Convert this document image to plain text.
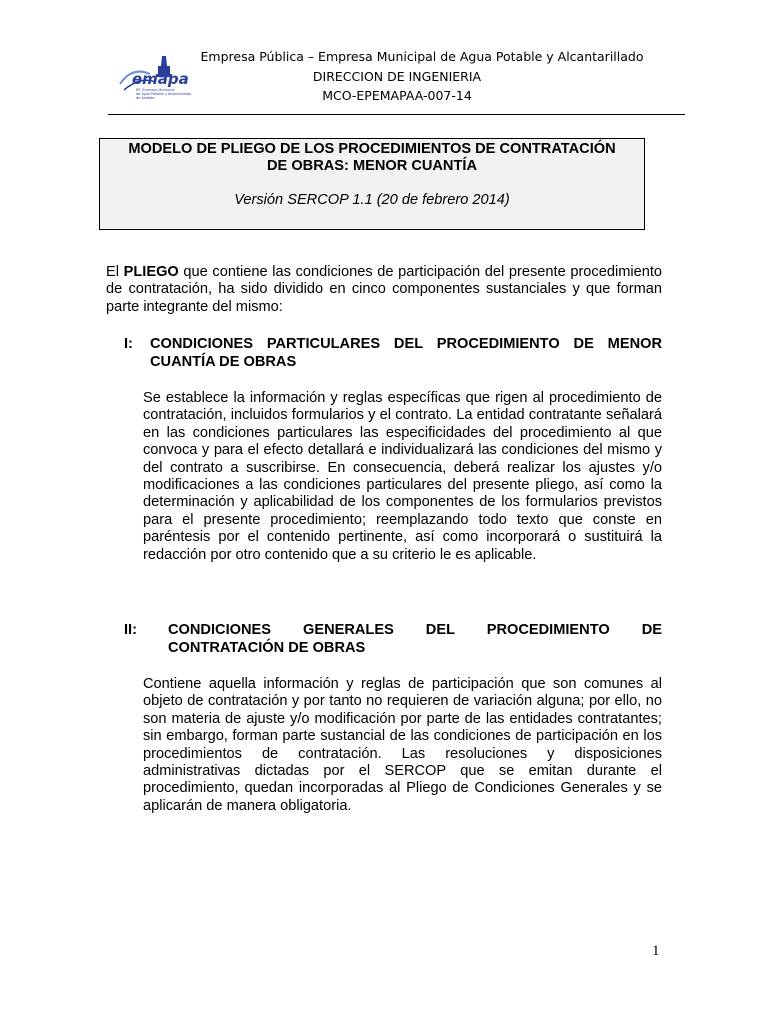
emapa
EP- Empresa Municipal
de Agua Potable y Alcantarillado
de Ambato
Empresa Pública – Empresa Municipal de Agua Potable y Alcantarillado
DIRECCION DE INGENIERIA
MCO-EPEMAPAA-007-14
MODELO DE PLIEGO DE LOS PROCEDIMIENTOS DE CONTRATACIÓN DE OBRAS: MENOR CUANTÍA
Versión SERCOP 1.1 (20 de febrero 2014)
El PLIEGO que contiene las condiciones de participación del presente procedimiento de contratación, ha sido dividido en cinco componentes sustanciales y que forman parte integrante del mismo:
I: CONDICIONES PARTICULARES DEL PROCEDIMIENTO DE MENOR CUANTÍA DE OBRAS
Se establece la información y reglas específicas que rigen al procedimiento de contratación, incluidos formularios y el contrato. La entidad contratante señalará en las condiciones particulares las especificidades del procedimiento al que convoca y para el efecto detallará e individualizará las condiciones del mismo y del contrato a suscribirse. En consecuencia, deberá realizar los ajustes y/o modificaciones a las condiciones particulares del presente pliego, así como la determinación y aplicabilidad de los componentes de los formularios previstos para el presente procedimiento; reemplazando todo texto que conste en paréntesis por el contenido pertinente, así como incorporará o sustituirá la redacción por otro contenido que a su criterio le es aplicable.
II: CONDICIONES GENERALES DEL PROCEDIMIENTO DE CONTRATACIÓN DE OBRAS
Contiene aquella información y reglas de participación que son comunes al objeto de contratación y por tanto no requieren de variación alguna; por ello, no son materia de ajuste y/o modificación por parte de las entidades contratantes; sin embargo, forman parte sustancial de las condiciones de participación en los procedimientos de contratación. Las resoluciones y disposiciones administrativas dictadas por el SERCOP que se emitan durante el procedimiento, quedan incorporadas al Pliego de Condiciones Generales y se aplicarán de manera obligatoria.
1
